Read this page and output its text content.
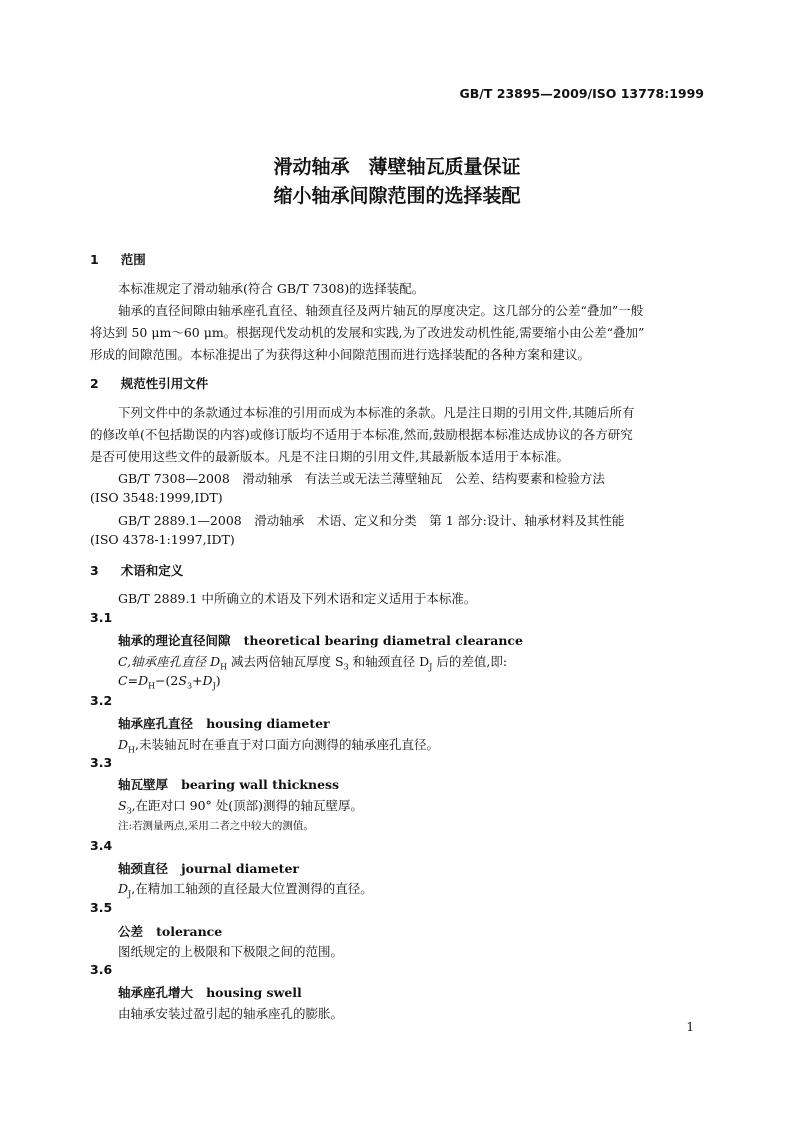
GB/T 23895—2009/ISO 13778:1999
滑动轴承　薄壁轴瓦质量保证
缩小轴承间隙范围的选择装配
1 范围
本标准规定了滑动轴承(符合 GB/T 7308)的选择装配。
轴承的直径间隙由轴承座孔直径、轴颈直径及两片轴瓦的厚度决定。这几部分的公差“叠加”一般
将达到 50 μm～60 μm。根据现代发动机的发展和实践,为了改进发动机性能,需要缩小由公差“叠加”
形成的间隙范围。本标准提出了为获得这种小间隙范围而进行选择装配的各种方案和建议。
2 规范性引用文件
下列文件中的条款通过本标准的引用而成为本标准的条款。凡是注日期的引用文件,其随后所有
的修改单(不包括勘误的内容)或修订版均不适用于本标准,然而,鼓励根据本标准达成协议的各方研究
是否可使用这些文件的最新版本。凡是不注日期的引用文件,其最新版本适用于本标准。
GB/T 7308—2008　滑动轴承　有法兰或无法兰薄壁轴瓦　公差、结构要素和检验方法
(ISO 3548:1999,IDT)
GB/T 2889.1—2008　滑动轴承　术语、定义和分类　第 1 部分:设计、轴承材料及其性能
(ISO 4378-1:1997,IDT)
3 术语和定义
GB/T 2889.1 中所确立的术语及下列术语和定义适用于本标准。
3.1
轴承的理论直径间隙 theoretical bearing diametral clearance
C,轴承座孔直径 $D_H$ 减去两倍轴瓦厚度 $S_3$ 和轴颈直径 $D_J$ 后的差值,即:
$C=D_H-(2S_3+D_J)$
3.2
轴承座孔直径 housing diameter
$D_H$,未装轴瓦时在垂直于对口面方向测得的轴承座孔直径。
3.3
轴瓦壁厚 bearing wall thickness
$S_3$,在距对口 90° 处(顶部)测得的轴瓦壁厚。
注:若测量两点,采用二者之中较大的测值。
3.4
轴颈直径 journal diameter
$D_J$,在精加工轴颈的直径最大位置测得的直径。
3.5
公差 tolerance
图纸规定的上极限和下极限之间的范围。
3.6
轴承座孔增大 housing swell
由轴承安装过盈引起的轴承座孔的膨胀。
1
